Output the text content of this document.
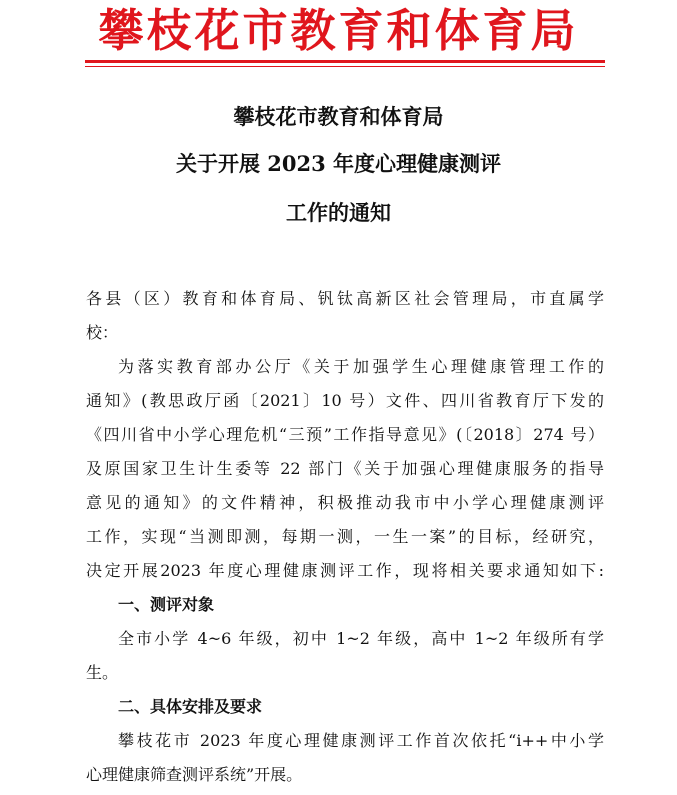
攀枝花市教育和体育局
攀枝花市教育和体育局
关于开展 2023 年度心理健康测评
工作的通知
各县（区）教育和体育局、钒钛高新区社会管理局，市直属学
校：
为落实教育部办公厅《关于加强学生心理健康管理工作的
通知》(教思政厅函〔2021〕10 号）文件、四川省教育厅下发的
《四川省中小学心理危机“三预”工作指导意见》(〔2018〕274 号）
及原国家卫生计生委等 22 部门《关于加强心理健康服务的指导
意见的通知》的文件精神，积极推动我市中小学心理健康测评
工作，实现“当测即测，每期一测，一生一案”的目标，经研究，
决定开展2023 年度心理健康测评工作，现将相关要求通知如下:
一、测评对象
全市小学 4~6 年级，初中 1~2 年级，高中 1~2 年级所有学
生。
二、具体安排及要求
攀枝花市 2023 年度心理健康测评工作首次依托“i++中小学
心理健康筛查测评系统”开展。
